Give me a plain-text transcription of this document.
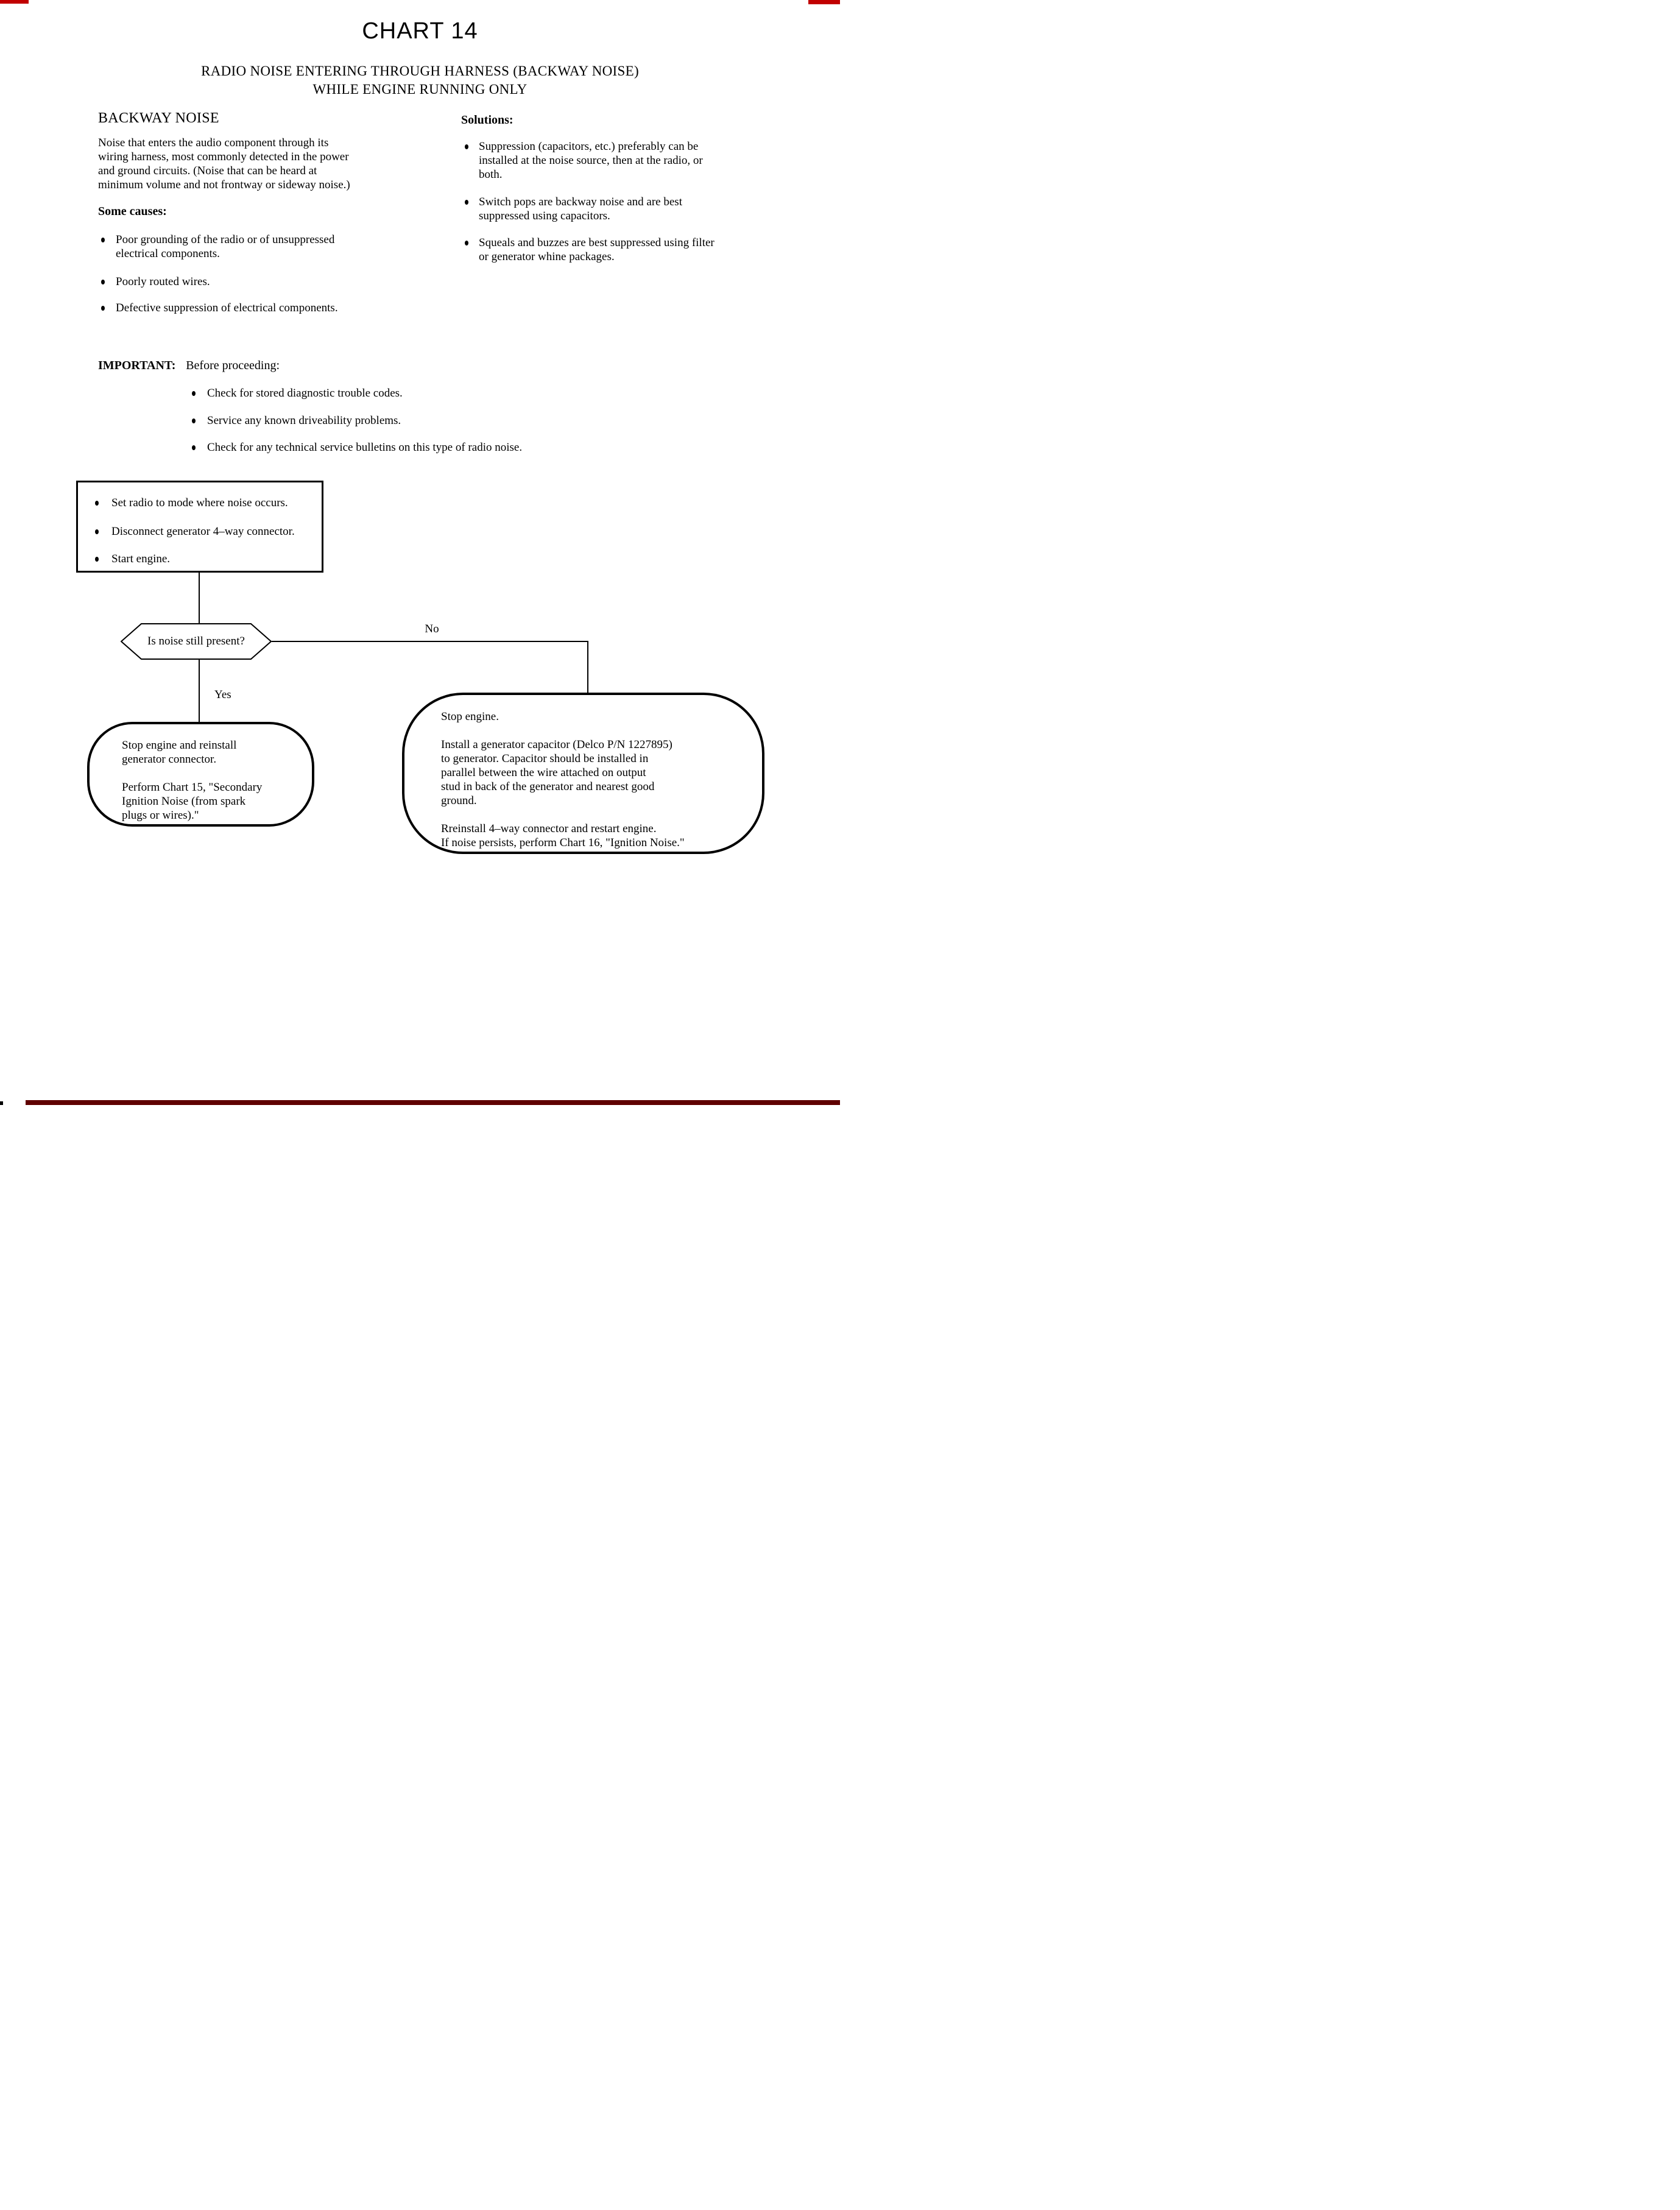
CHART 14
RADIO NOISE ENTERING THROUGH HARNESS (BACKWAY NOISE)
WHILE ENGINE RUNNING ONLY
BACKWAY NOISE
Noise that enters the audio component through its
wiring harness, most commonly detected in the power
and ground circuits. (Noise that can be heard at
minimum volume and not frontway or sideway noise.)
Some causes:
Poor grounding of the radio or of unsuppressed
electrical components.
Poorly routed wires.
Defective suppression of electrical components.
Solutions:
Suppression (capacitors, etc.) preferably can be
installed at the noise source, then at the radio, or
both.
Switch pops are backway noise and are best
suppressed using capacitors.
Squeals and buzzes are best suppressed using filter
or generator whine packages.
IMPORTANT: Before proceeding:
Check for stored diagnostic trouble codes.
Service any known driveability problems.
Check for any technical service bulletins on this type of radio noise.
Set radio to mode where noise occurs.
Disconnect generator 4–way connector.
Start engine.
Is noise still present?
No
Yes
Stop engine and reinstall
generator connector.
Perform Chart 15, "Secondary
Ignition Noise (from spark
plugs or wires)."
Stop engine.
Install a generator capacitor (Delco P/N 1227895)
to generator. Capacitor should be installed in
parallel between the wire attached on output
stud in back of the generator and nearest good
ground.
Rreinstall 4–way connector and restart engine.
If noise persists, perform Chart 16, "Ignition Noise."
